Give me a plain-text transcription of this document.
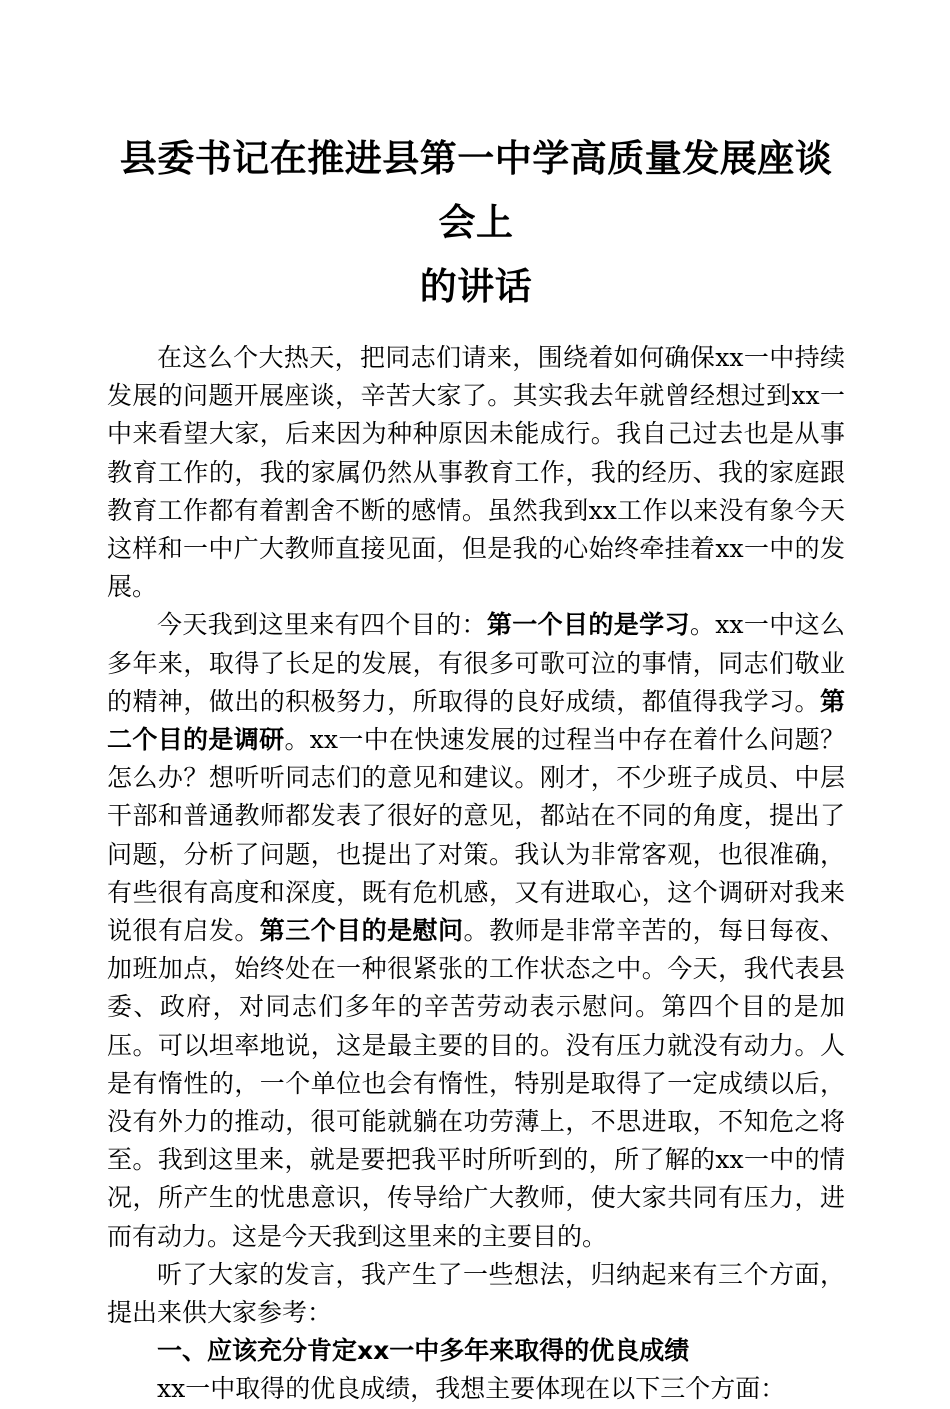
县委书记在推进县第一中学高质量发展座谈会上
的讲话

在这么个大热天，把同志们请来，围绕着如何确保xx一中持续发展的问题开展座谈，辛苦大家了。其实我去年就曾经想过到xx一中来看望大家，后来因为种种原因未能成行。我自己过去也是从事教育工作的，我的家属仍然从事教育工作，我的经历、我的家庭跟教育工作都有着割舍不断的感情。虽然我到xx工作以来没有象今天这样和一中广大教师直接见面，但是我的心始终牵挂着xx一中的发展。

今天我到这里来有四个目的：第一个目的是学习。xx一中这么多年来，取得了长足的发展，有很多可歌可泣的事情，同志们敬业的精神，做出的积极努力，所取得的良好成绩，都值得我学习。第二个目的是调研。xx一中在快速发展的过程当中存在着什么问题？怎么办？想听听同志们的意见和建议。刚才，不少班子成员、中层干部和普通教师都发表了很好的意见，都站在不同的角度，提出了问题，分析了问题，也提出了对策。我认为非常客观，也很准确，有些很有高度和深度，既有危机感，又有进取心，这个调研对我来说很有启发。第三个目的是慰问。教师是非常辛苦的，每日每夜、加班加点，始终处在一种很紧张的工作状态之中。今天，我代表县委、政府，对同志们多年的辛苦劳动表示慰问。第四个目的是加压。可以坦率地说，这是最主要的目的。没有压力就没有动力。人是有惰性的，一个单位也会有惰性，特别是取得了一定成绩以后，没有外力的推动，很可能就躺在功劳薄上，不思进取，不知危之将至。我到这里来，就是要把我平时所听到的，所了解的xx一中的情况，所产生的忧患意识，传导给广大教师，使大家共同有压力，进而有动力。这是今天我到这里来的主要目的。

听了大家的发言，我产生了一些想法，归纳起来有三个方面，提出来供大家参考：

一、应该充分肯定xx一中多年来取得的优良成绩

xx一中取得的优良成绩，我想主要体现在以下三个方面：
